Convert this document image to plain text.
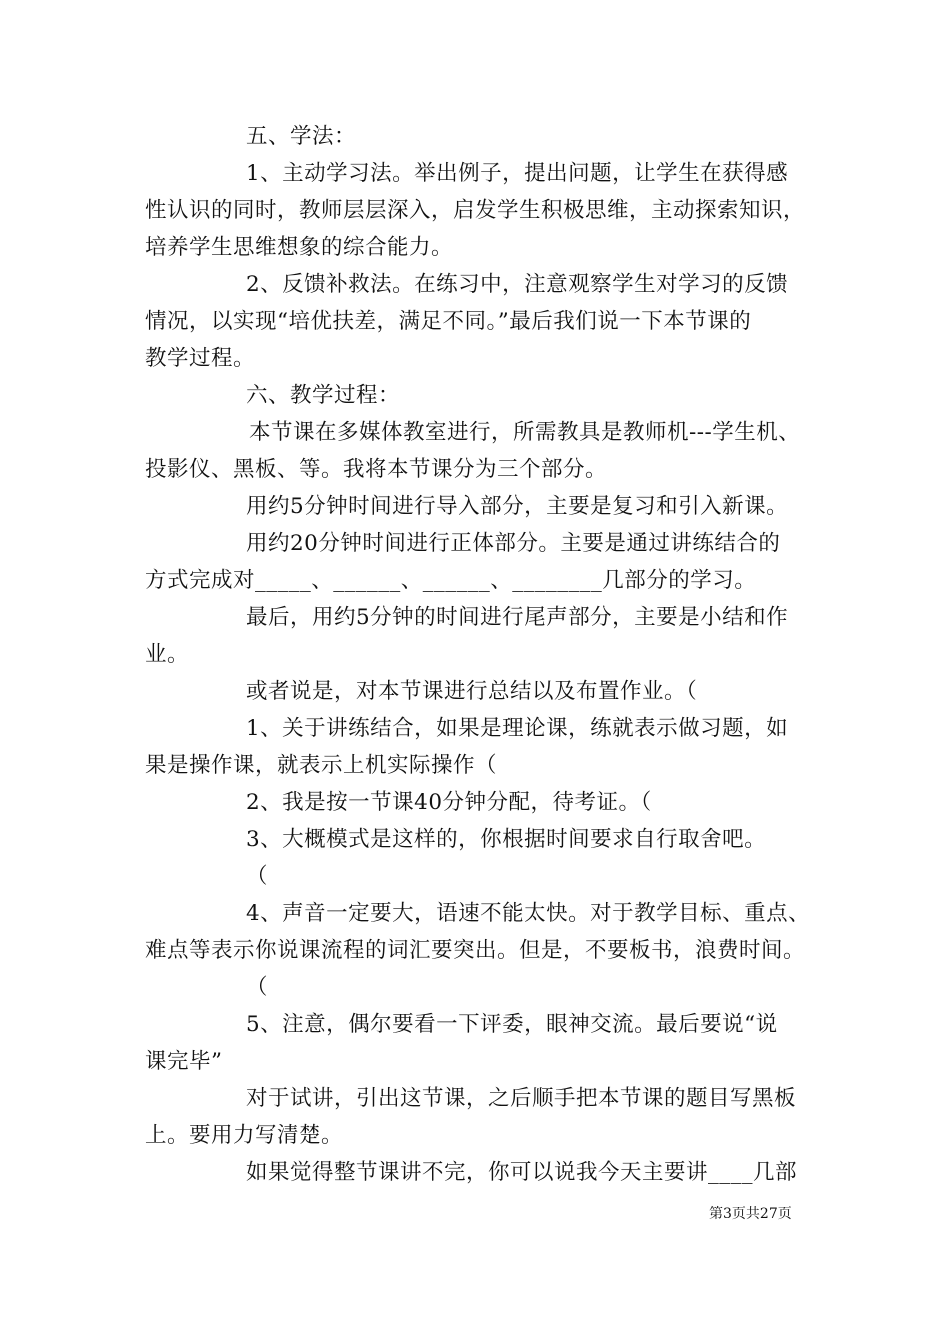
五、学法：
1、主动学习法。举出例子，提出问题，让学生在获得感
性认识的同时，教师层层深入，启发学生积极思维，主动探索知识，
培养学生思维想象的综合能力。
2、反馈补救法。在练习中，注意观察学生对学习的反馈
情况，以实现“培优扶差，满足不同。”最后我们说一下本节课的
教学过程。
六、教学过程：
本节课在多媒体教室进行，所需教具是教师机---学生机、
投影仪、黑板、等。我将本节课分为三个部分。
用约5分钟时间进行导入部分，主要是复习和引入新课。
用约20分钟时间进行正体部分。主要是通过讲练结合的
方式完成对_____、______、______、________几部分的学习。
最后，用约5分钟的时间进行尾声部分，主要是小结和作
业。
或者说是，对本节课进行总结以及布置作业。（
1、关于讲练结合，如果是理论课，练就表示做习题，如
果是操作课，就表示上机实际操作（
2、我是按一节课40分钟分配，待考证。（
3、大概模式是这样的，你根据时间要求自行取舍吧。
（
4、声音一定要大，语速不能太快。对于教学目标、重点、
难点等表示你说课流程的词汇要突出。但是，不要板书，浪费时间。
（
5、注意，偶尔要看一下评委，眼神交流。最后要说“说
课完毕”
对于试讲，引出这节课，之后顺手把本节课的题目写黑板
上。要用力写清楚。
如果觉得整节课讲不完，你可以说我今天主要讲____几部
第3页共27页
